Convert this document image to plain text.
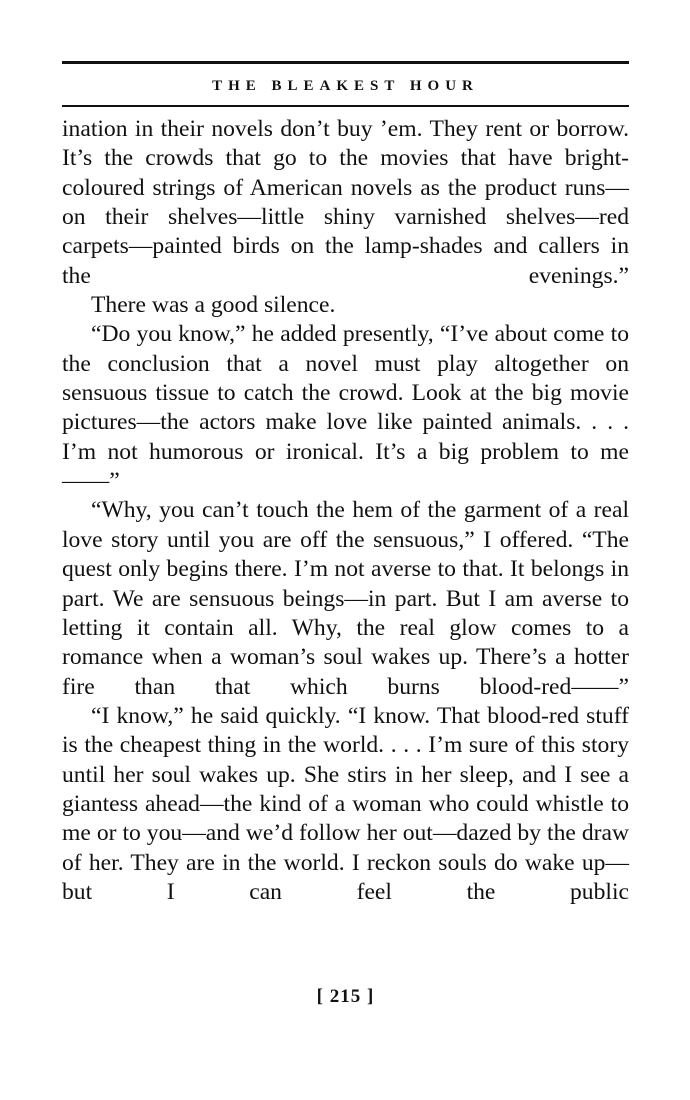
THE BLEAKEST HOUR

ination in their novels don’t buy ’em. They rent or borrow. It’s the crowds that go to the movies that have bright-coloured strings of American novels as the product runs—on their shelves—little shiny varnished shelves—red carpets—painted birds on the lamp-shades and callers in the evenings.”

There was a good silence.

“Do you know,” he added presently, “I’ve about come to the conclusion that a novel must play altogether on sensuous tissue to catch the crowd. Look at the big movie pictures—the actors make love like painted animals. . . . I’m not humorous or ironical. It’s a big problem to me——”

“Why, you can’t touch the hem of the garment of a real love story until you are off the sensuous,” I offered. “The quest only begins there. I’m not averse to that. It belongs in part. We are sensuous beings—in part. But I am averse to letting it contain all. Why, the real glow comes to a romance when a woman’s soul wakes up. There’s a hotter fire than that which burns blood-red——”

“I know,” he said quickly. “I know. That blood-red stuff is the cheapest thing in the world. . . . I’m sure of this story until her soul wakes up. She stirs in her sleep, and I see a giantess ahead—the kind of a woman who could whistle to me or to you—and we’d follow her out—dazed by the draw of her. They are in the world. I reckon souls do wake up—but I can feel the public

[ 215 ]
